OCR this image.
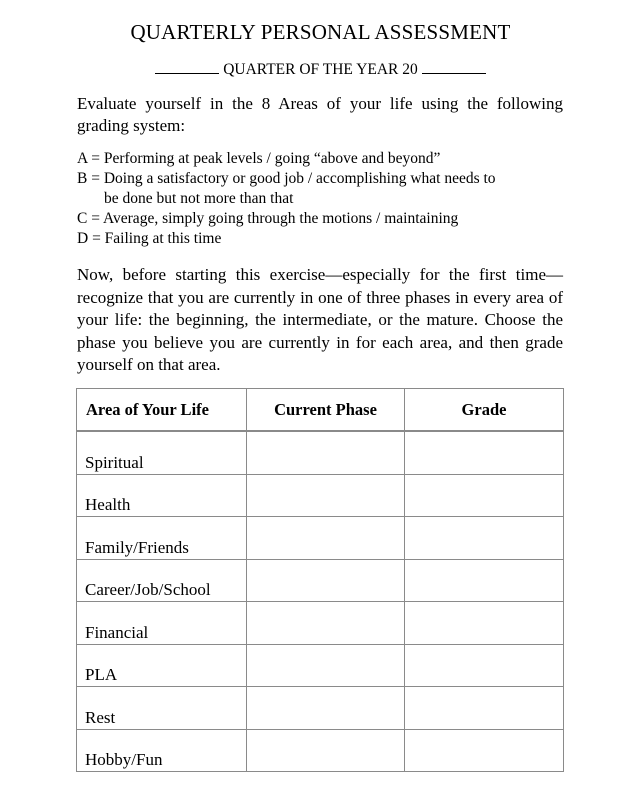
QUARTERLY PERSONAL ASSESSMENT
QUARTER OF THE YEAR 20
Evaluate yourself in the 8 Areas of your life using the following grading system:
A = Performing at peak levels / going “above and beyond”
B = Doing a satisfactory or good job / accomplishing what needs to
be done but not more than that
C = Average, simply going through the motions / maintaining
D = Failing at this time
Now, before starting this exercise—especially for the first time—recognize that you are currently in one of three phases in every area of your life: the beginning, the intermediate, or the mature. Choose the phase you believe you are currently in for each area, and then grade yourself on that area.
Area of Your Life	Current Phase	Grade
Spiritual		
Health		
Family/Friends		
Career/Job/School		
Financial		
PLA		
Rest		
Hobby/Fun		
